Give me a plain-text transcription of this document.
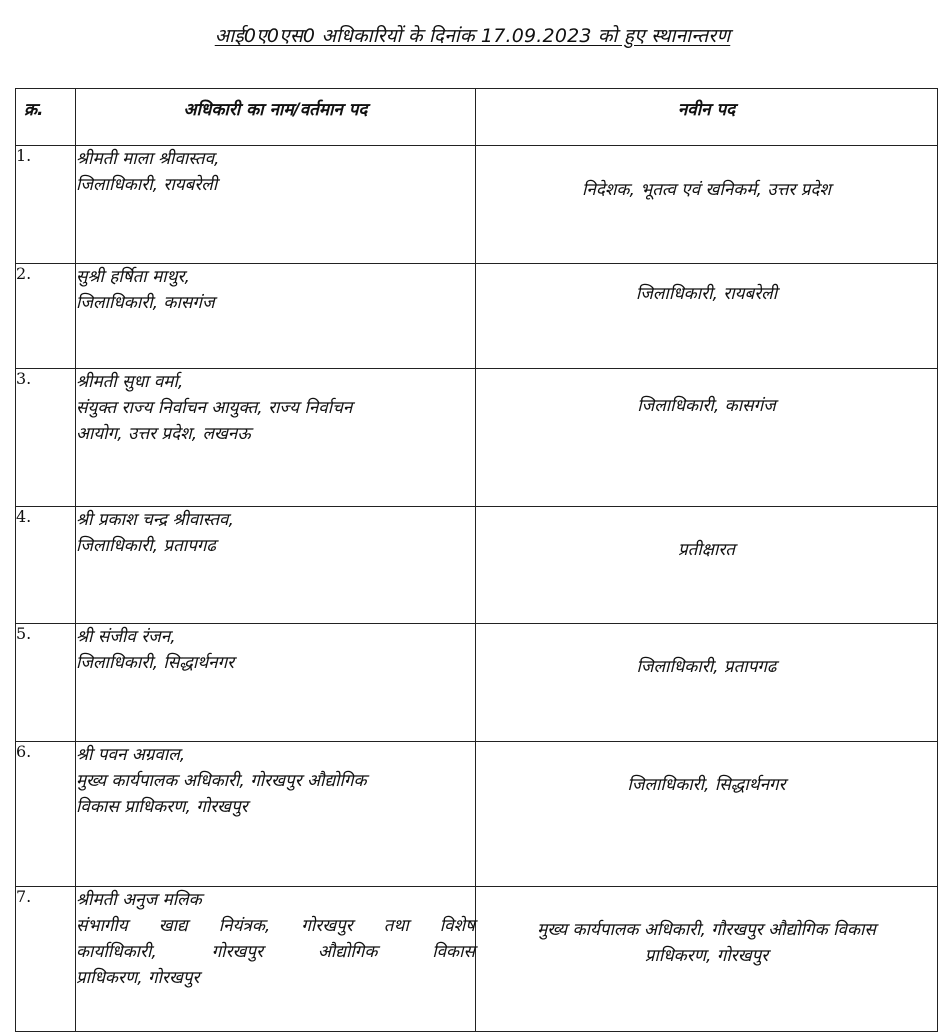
आई0ए0एस0 अधिकारियों के दिनांक 17.09.2023 को हुए स्थानान्तरण
क्र.	अधिकारी का नाम/वर्तमान पद	नवीन पद
1.	श्रीमती माला श्रीवास्तव,
जिलाधिकारी, रायबरेली	निदेशक, भूतत्व एवं खनिकर्म, उत्तर प्रदेश

2.	सुश्री हर्षिता माथुर,
जिलाधिकारी, कासगंज	जिलाधिकारी, रायबरेली

3.	श्रीमती सुधा वर्मा,
संयुक्त राज्य निर्वाचन आयुक्त, राज्य निर्वाचन
आयोग, उत्तर प्रदेश, लखनऊ	जिलाधिकारी, कासगंज

4.	श्री प्रकाश चन्द्र श्रीवास्तव,
जिलाधिकारी, प्रतापगढ	प्रतीक्षारत

5.	श्री संजीव रंजन,
जिलाधिकारी, सिद्धार्थनगर	जिलाधिकारी, प्रतापगढ

6.	श्री पवन अग्रवाल,
मुख्य कार्यपालक अधिकारी, गोरखपुर औद्योगिक
विकास प्राधिकरण, गोरखपुर	जिलाधिकारी, सिद्धार्थनगर

7.	श्रीमती अनुज मलिक
संभागीय खाद्य नियंत्रक, गोरखपुर तथा विशेष
कार्याधिकारी, गोरखपुर औद्योगिक विकास
प्राधिकरण, गोरखपुर	मुख्य कार्यपालक अधिकारी, गौरखपुर औद्योगिक विकास
प्राधिकरण, गोरखपुर
